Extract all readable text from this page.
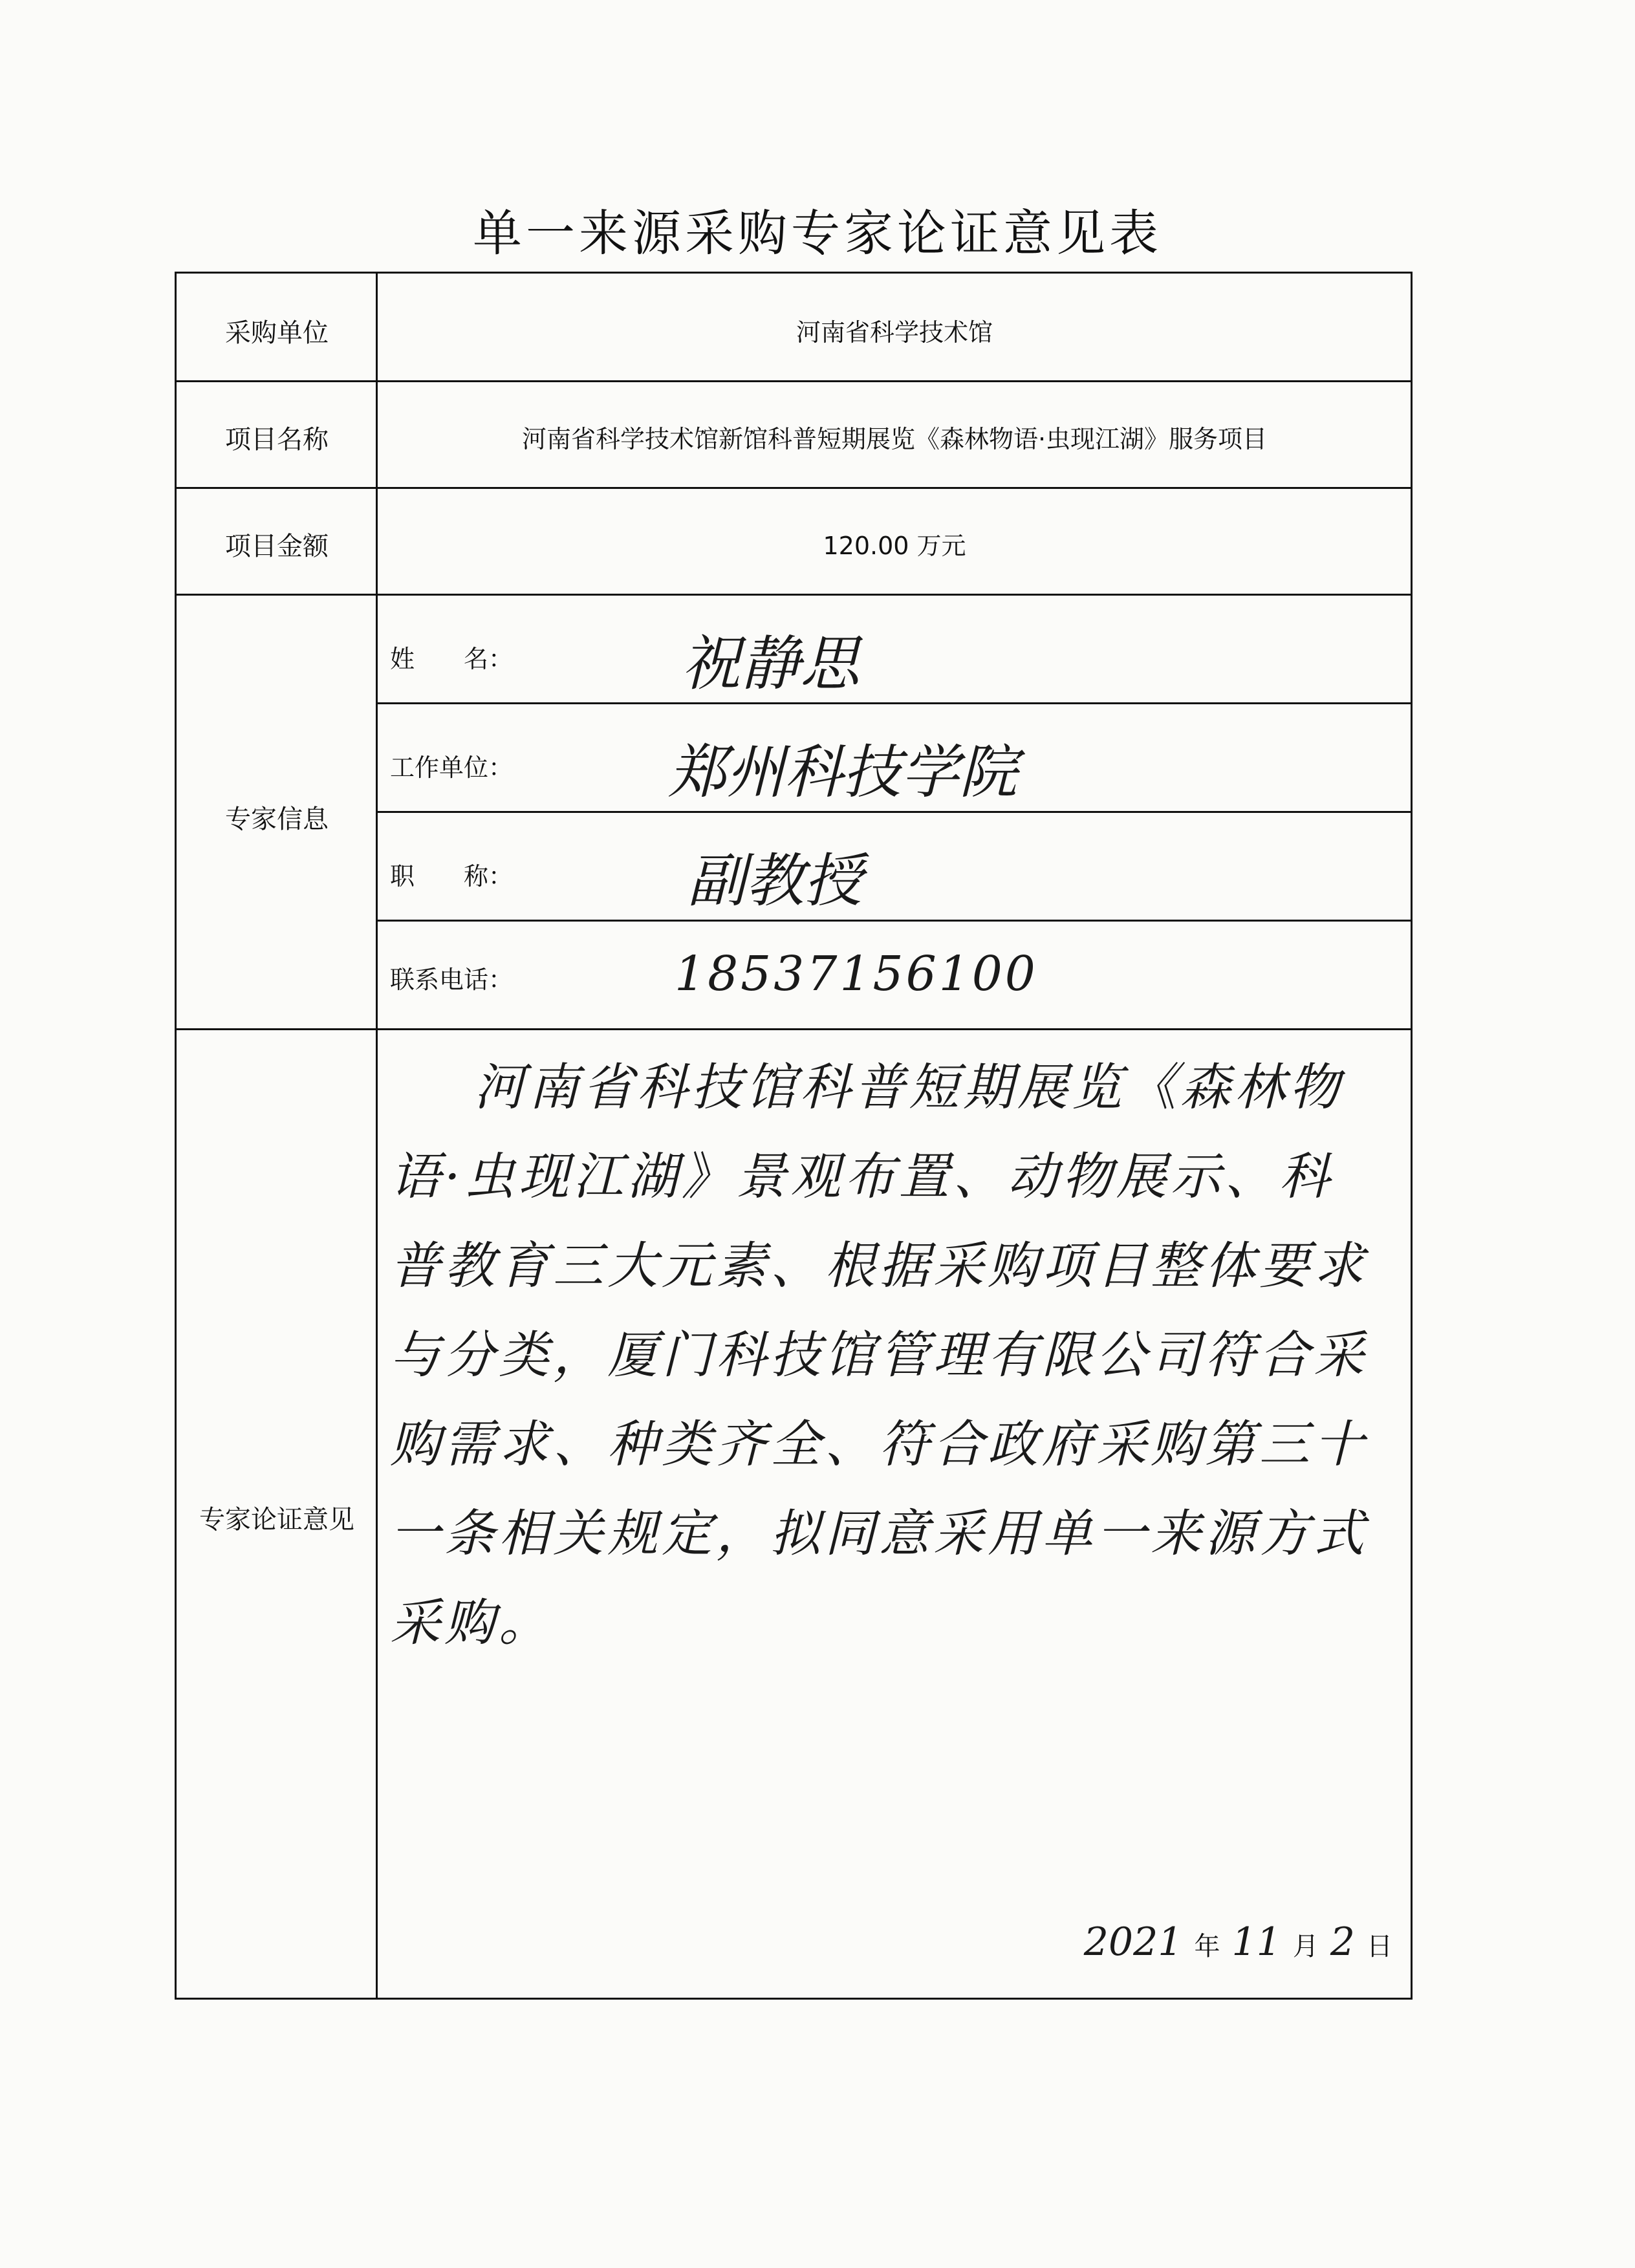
单一来源采购专家论证意见表
采购单位	河南省科学技术馆
项目名称	河南省科学技术馆新馆科普短期展览《森林物语·虫现江湖》服务项目
项目金额	120.00 万元
专家信息
姓　　名：	祝静思
工作单位：	郑州科技学院
职　　称：	副教授
联系电话：	18537156100
专家论证意见
河南省科技馆科普短期展览《森林物语·虫现江湖》景观布置、动物展示、科普教育三大元素、根据采购项目整体要求与分类，厦门科技馆管理有限公司符合采购需求、种类齐全、符合政府采购第三十一条相关规定，拟同意采用单一来源方式采购。
2021 年 11 月 2 日
